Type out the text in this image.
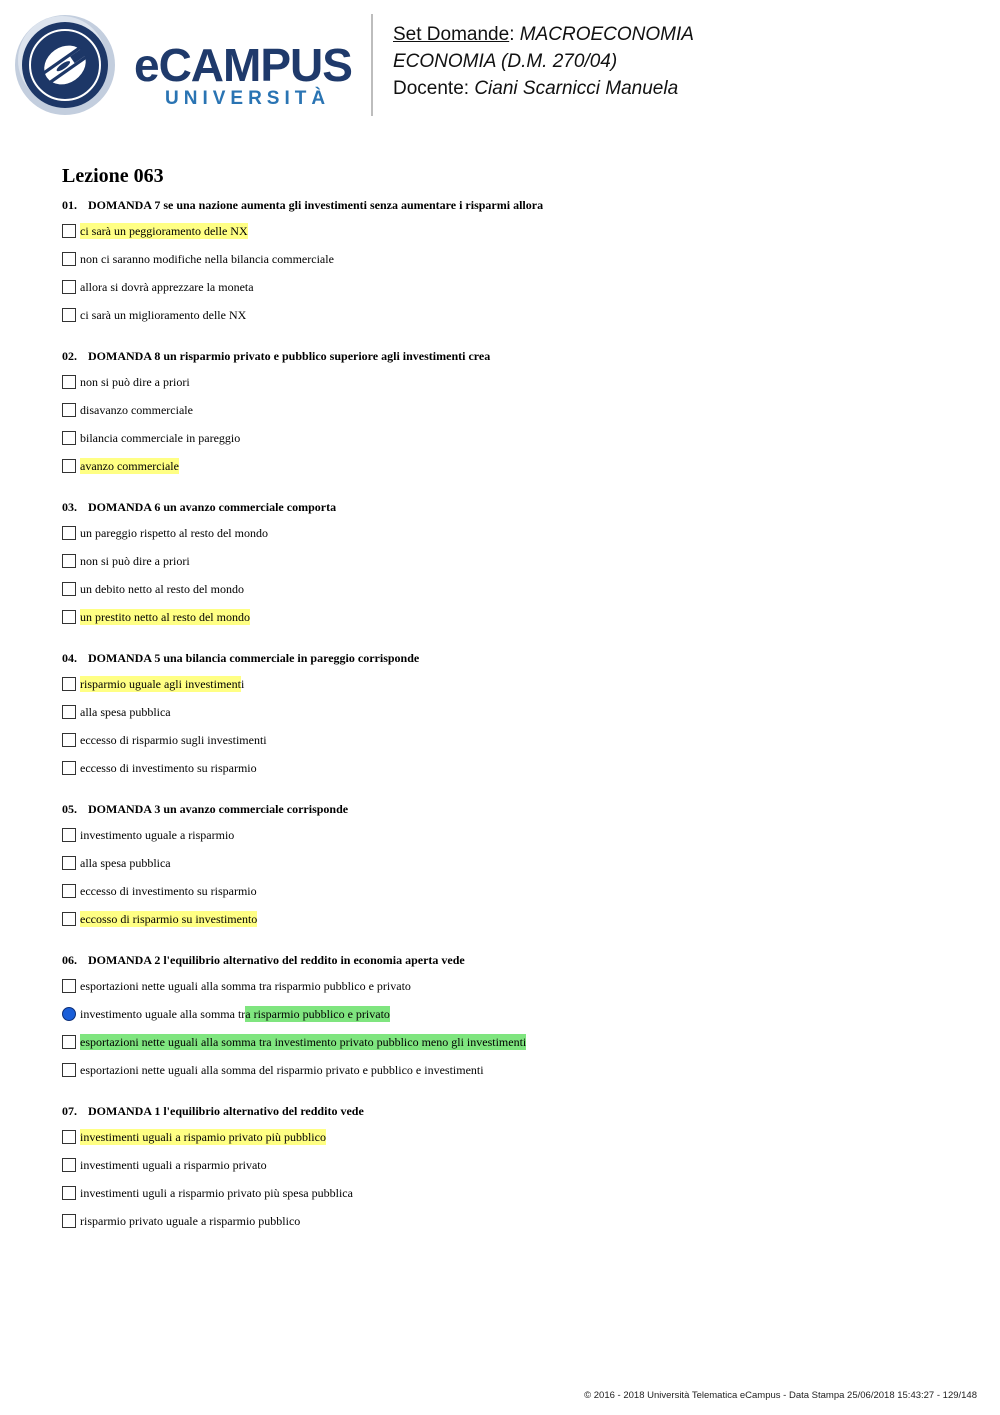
eCAMPUS
UNIVERSITÀ
Set Domande: MACROECONOMIA
ECONOMIA (D.M. 270/04)
Docente: Ciani Scarnicci Manuela
Lezione 063
01. DOMANDA 7 se una nazione aumenta gli investimenti senza aumentare i risparmi allora
ci sarà un peggioramento delle NX
non ci saranno modifiche nella bilancia commerciale
allora si dovrà apprezzare la moneta
ci sarà un miglioramento delle NX
02. DOMANDA 8 un risparmio privato e pubblico superiore agli investimenti crea
non si può dire a priori
disavanzo commerciale
bilancia commerciale in pareggio
avanzo commerciale
03. DOMANDA 6 un avanzo commerciale comporta
un pareggio rispetto al resto del mondo
non si può dire a priori
un debito netto al resto del mondo
un prestito netto al resto del mondo
04. DOMANDA 5 una bilancia commerciale in pareggio corrisponde
risparmio uguale agli investimenti
alla spesa pubblica
eccesso di risparmio sugli investimenti
eccesso di investimento su risparmio
05. DOMANDA 3 un avanzo commerciale corrisponde
investimento uguale a risparmio
alla spesa pubblica
eccesso di investimento su risparmio
eccosso di risparmio su investimento
06. DOMANDA 2 l'equilibrio alternativo del reddito in economia aperta vede
esportazioni nette uguali alla somma tra risparmio pubblico e privato
investimento uguale alla somma tra risparmio pubblico e privato
esportazioni nette uguali alla somma tra investimento privato pubblico meno gli investimenti
esportazioni nette uguali alla somma del risparmio privato e pubblico e investimenti
07. DOMANDA 1 l'equilibrio alternativo del reddito vede
investimenti uguali a rispamio privato più pubblico
investimenti uguali a risparmio privato
investimenti uguli a risparmio privato più spesa pubblica
risparmio privato uguale a risparmio pubblico
© 2016 - 2018 Università Telematica eCampus - Data Stampa 25/06/2018 15:43:27 - 129/148
